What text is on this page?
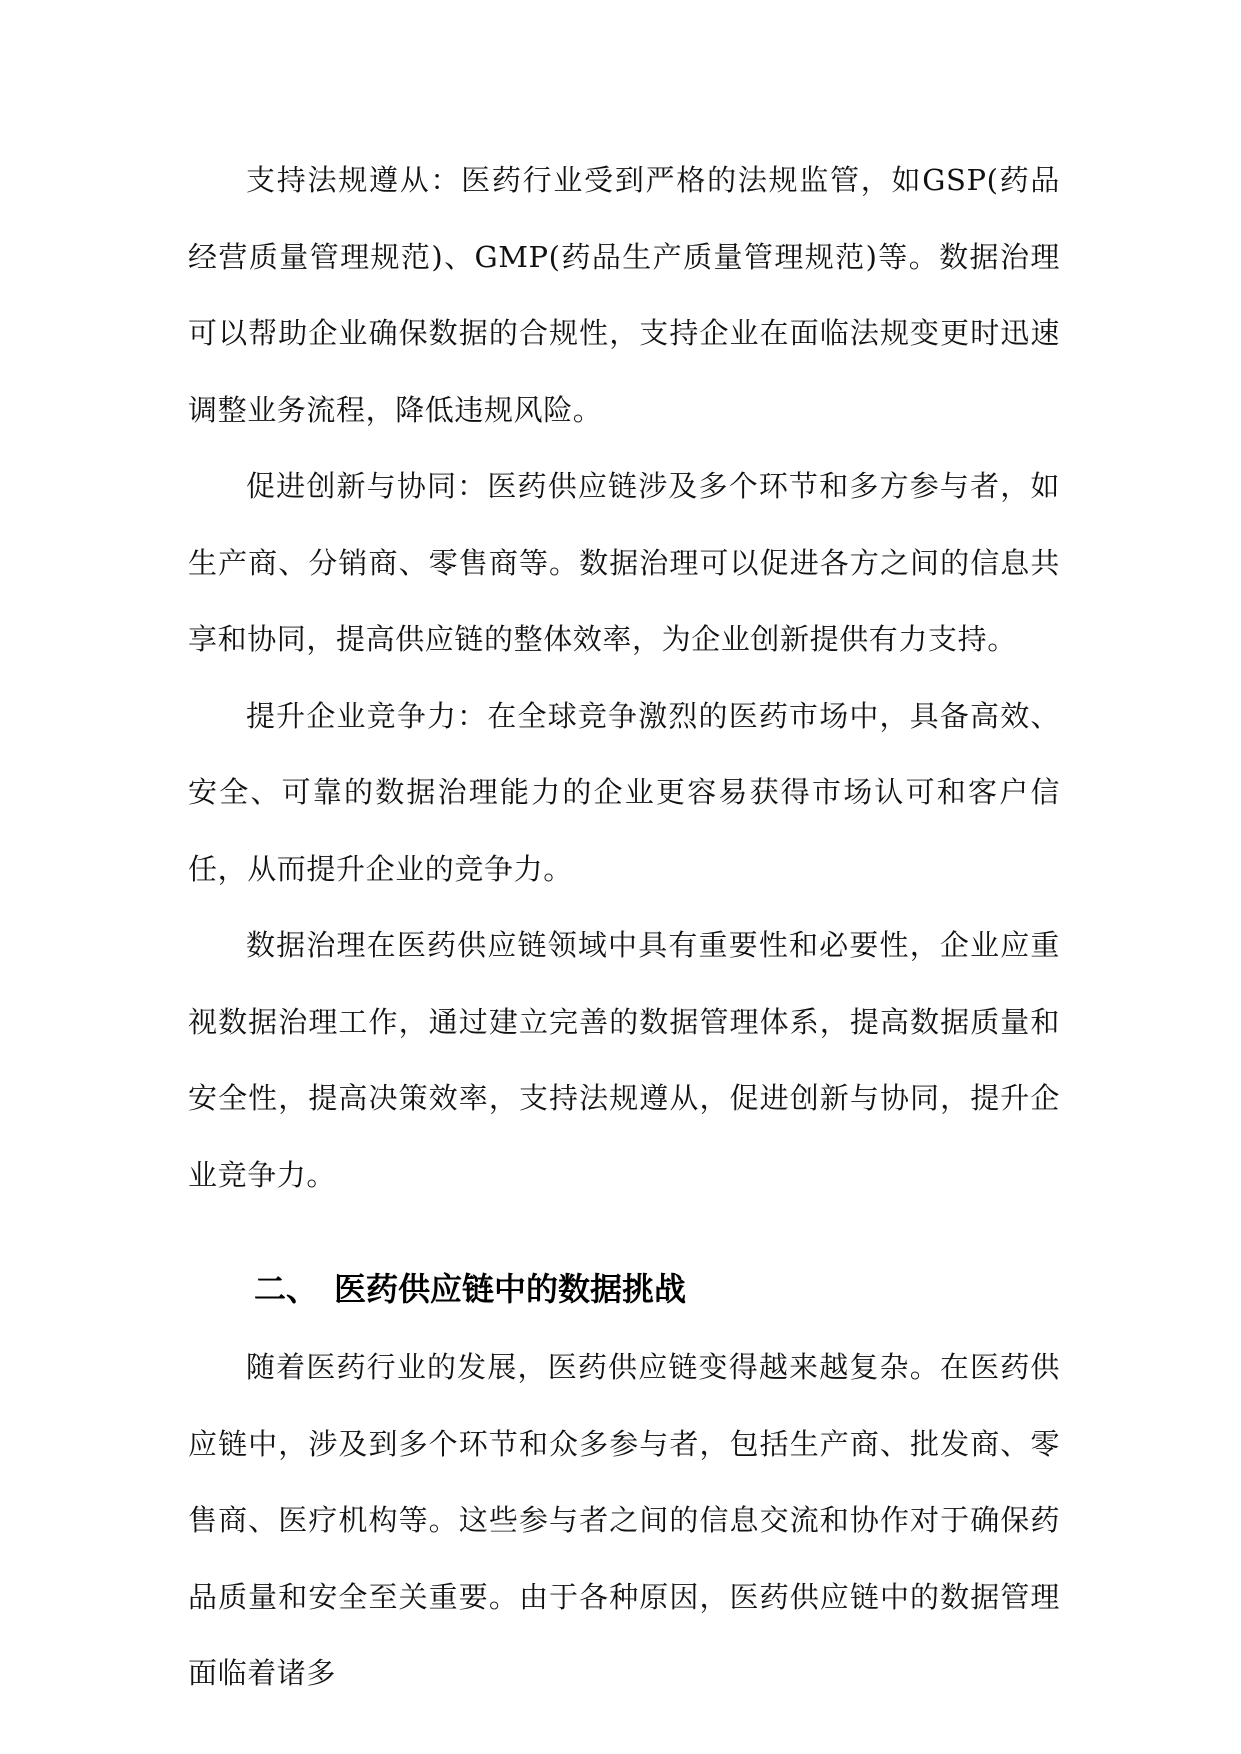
支持法规遵从：医药行业受到严格的法规监管，如GSP(药品经营质量管理规范)、GMP(药品生产质量管理规范)等。数据治理可以帮助企业确保数据的合规性，支持企业在面临法规变更时迅速调整业务流程，降低违规风险。

促进创新与协同：医药供应链涉及多个环节和多方参与者，如生产商、分销商、零售商等。数据治理可以促进各方之间的信息共享和协同，提高供应链的整体效率，为企业创新提供有力支持。

提升企业竞争力：在全球竞争激烈的医药市场中，具备高效、安全、可靠的数据治理能力的企业更容易获得市场认可和客户信任，从而提升企业的竞争力。

数据治理在医药供应链领域中具有重要性和必要性，企业应重视数据治理工作，通过建立完善的数据管理体系，提高数据质量和安全性，提高决策效率，支持法规遵从，促进创新与协同，提升企业竞争力。

二、 医药供应链中的数据挑战

随着医药行业的发展，医药供应链变得越来越复杂。在医药供应链中，涉及到多个环节和众多参与者，包括生产商、批发商、零售商、医疗机构等。这些参与者之间的信息交流和协作对于确保药品质量和安全至关重要。由于各种原因，医药供应链中的数据管理面临着诸多
